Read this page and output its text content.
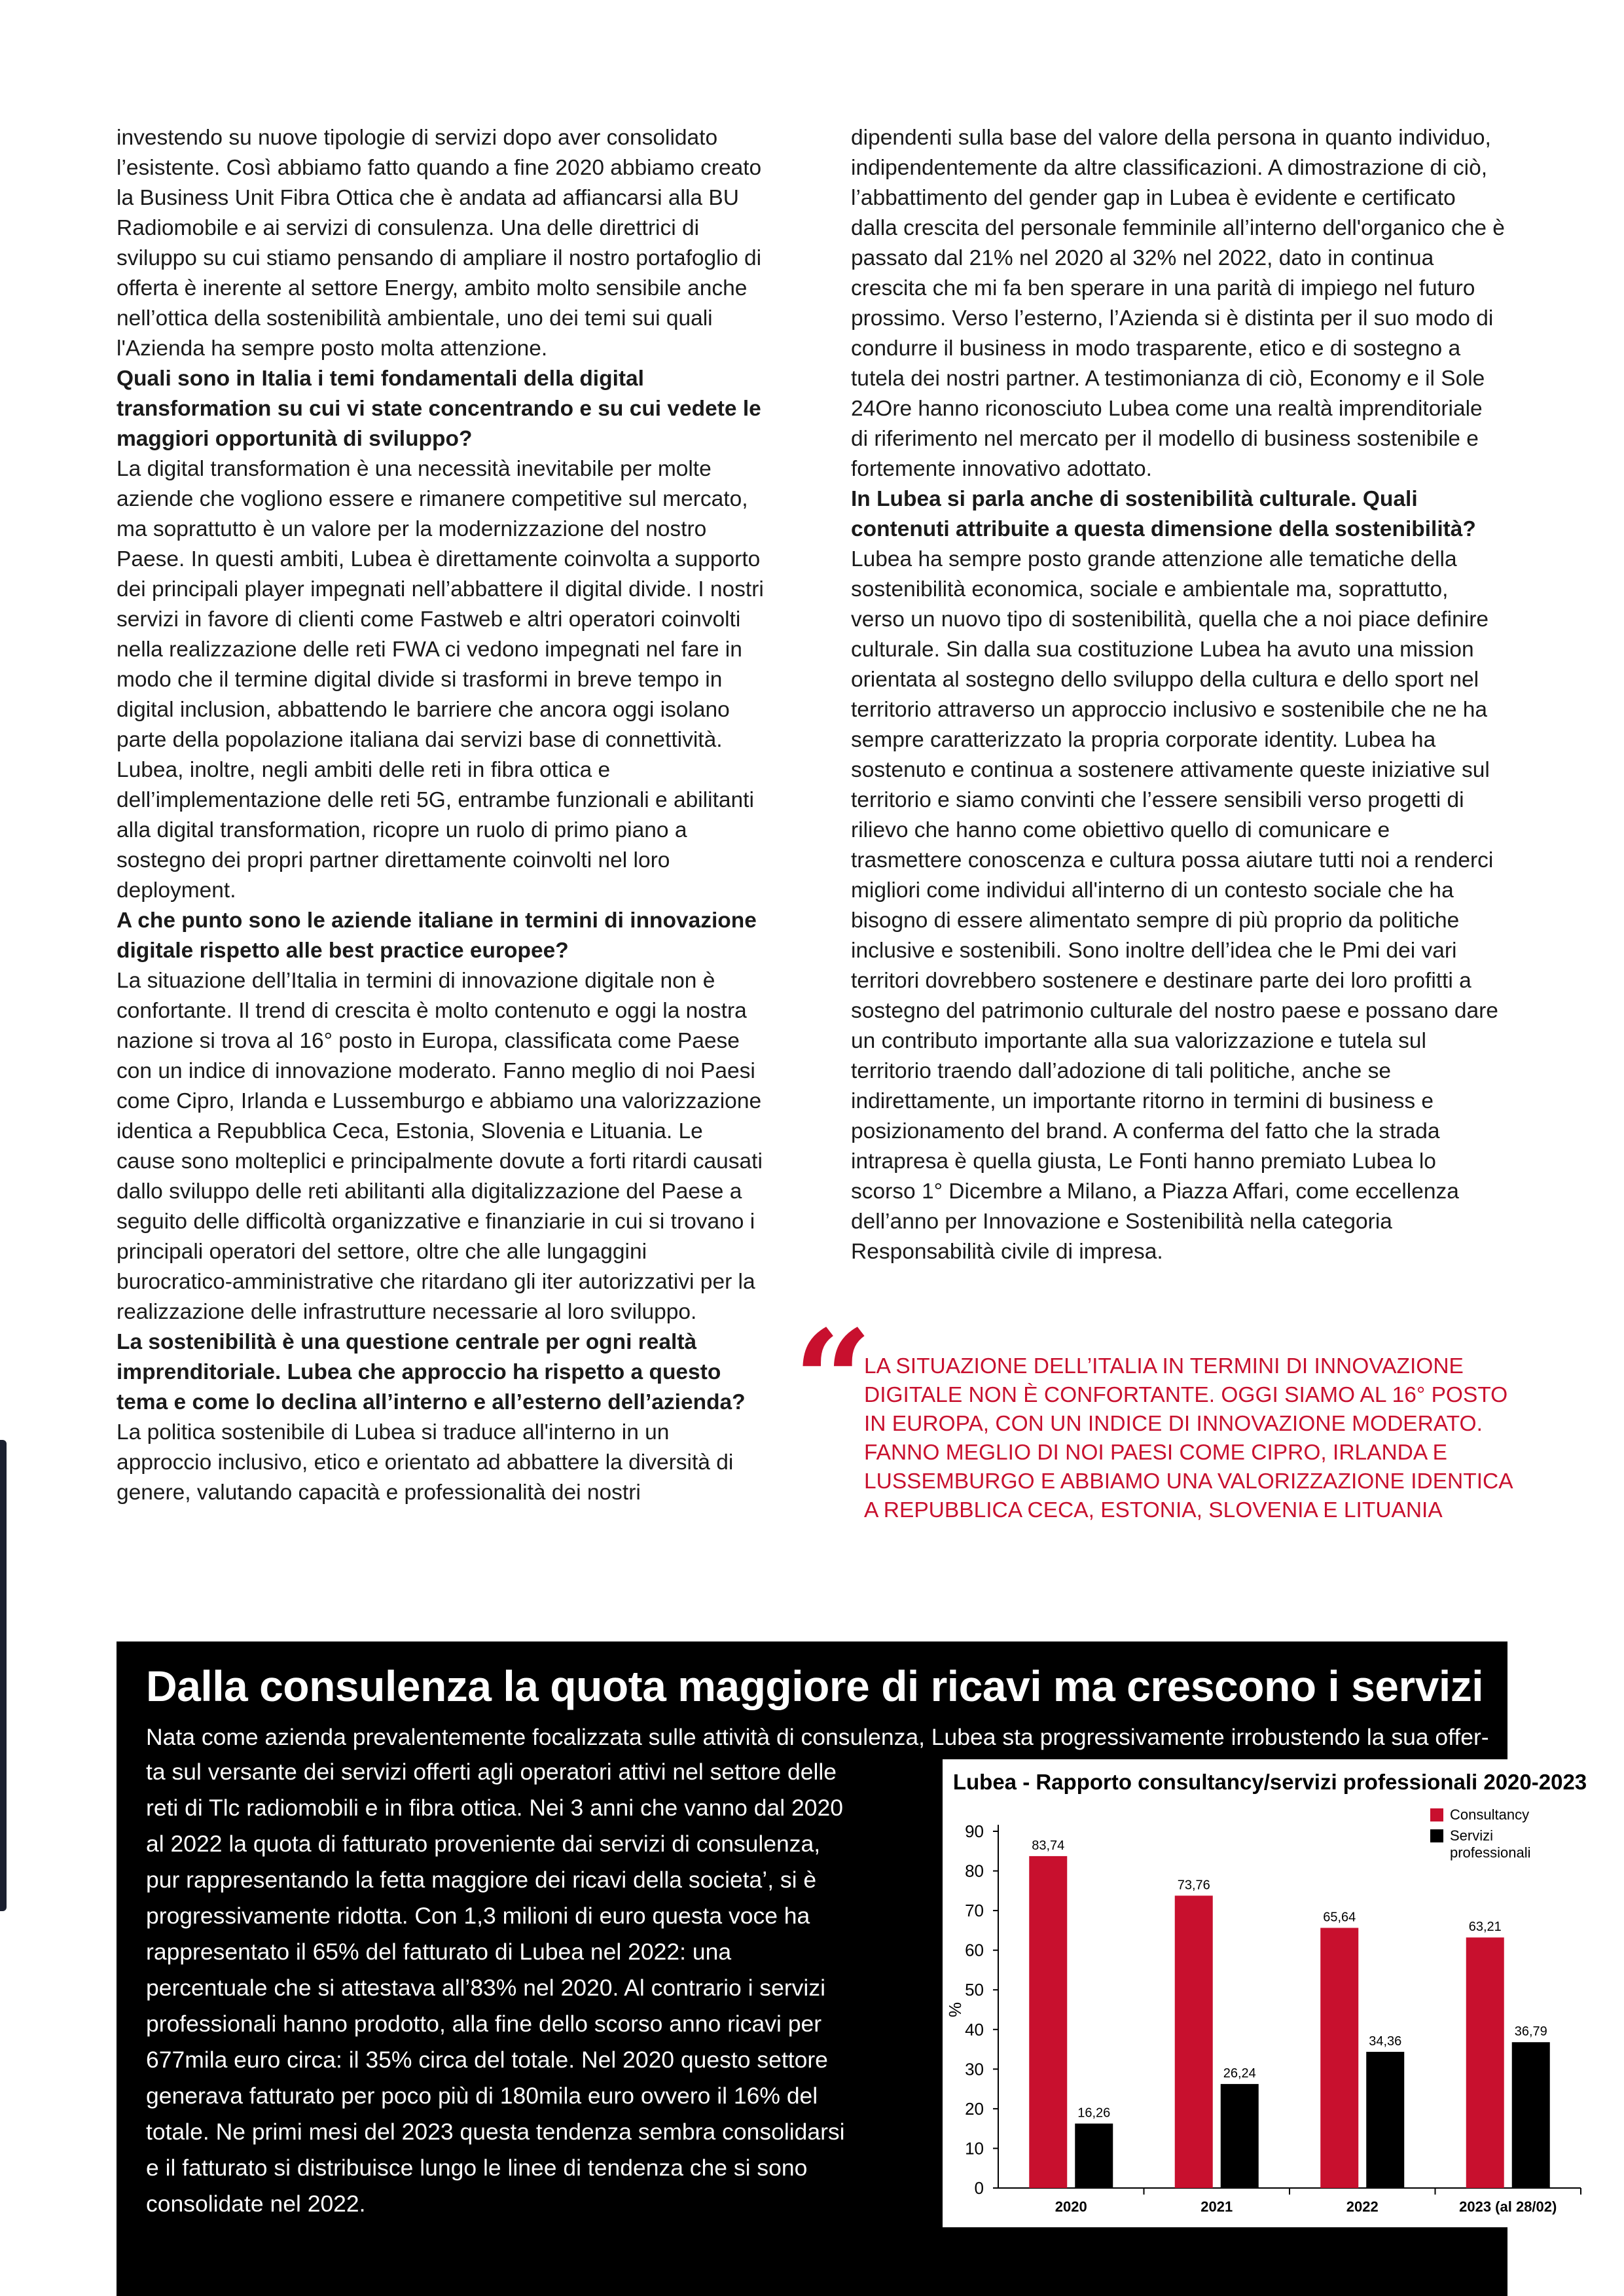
investendo su nuove tipologie di servizi dopo aver consolidato l’esistente. Così abbiamo fatto quando a fine 2020 abbiamo creato la Business Unit Fibra Ottica che è andata ad affiancarsi alla BU Radiomobile e ai servizi di consulenza. Una delle direttrici di sviluppo su cui stiamo pensando di ampliare il nostro portafoglio di offerta è inerente al settore Energy, ambito molto sensibile anche nell’ottica della sostenibilità ambientale, uno dei temi sui quali l'Azienda ha sempre posto molta attenzione.

Quali sono in Italia i temi fondamentali della digital transformation su cui vi state concentrando e su cui vedete le maggiori opportunità di sviluppo?

La digital transformation è una necessità inevitabile per molte aziende che vogliono essere e rimanere competitive sul mercato, ma soprattutto è un valore per la modernizzazione del nostro Paese. In questi ambiti, Lubea è direttamente coinvolta a supporto dei principali player impegnati nell’abbattere il digital divide. I nostri servizi in favore di clienti come Fastweb e altri operatori coinvolti nella realizzazione delle reti FWA ci vedono impegnati nel fare in modo che il termine digital divide si trasformi in breve tempo in digital inclusion, abbattendo le barriere che ancora oggi isolano parte della popolazione italiana dai servizi base di connettività. Lubea, inoltre, negli ambiti delle reti in fibra ottica e dell’implementazione delle reti 5G, entrambe funzionali e abilitanti alla digital transformation, ricopre un ruolo di primo piano a sostegno dei propri partner direttamente coinvolti nel loro deployment.

A che punto sono le aziende italiane in termini di innovazione digitale rispetto alle best practice europee?

La situazione dell’Italia in termini di innovazione digitale non è confortante. Il trend di crescita è molto contenuto e oggi la nostra nazione si trova al 16° posto in Europa, classificata come Paese con un indice di innovazione moderato. Fanno meglio di noi Paesi come Cipro, Irlanda e Lussemburgo e abbiamo una valorizzazione identica a Repubblica Ceca, Estonia, Slovenia e Lituania. Le cause sono molteplici e principalmente dovute a forti ritardi causati dallo sviluppo delle reti abilitanti alla digitalizzazione del Paese a seguito delle difficoltà organizzative e finanziarie in cui si trovano i principali operatori del settore, oltre che alle lungaggini burocratico-amministrative che ritardano gli iter autorizzativi per la realizzazione delle infrastrutture necessarie al loro sviluppo.

La sostenibilità è una questione centrale per ogni realtà imprenditoriale. Lubea che approccio ha rispetto a questo tema e come lo declina all’interno e all’esterno dell’azienda?

La politica sostenibile di Lubea si traduce all'interno in un approccio inclusivo, etico e orientato ad abbattere la diversità di genere, valutando capacità e professionalità dei nostri

dipendenti sulla base del valore della persona in quanto individuo, indipendentemente da altre classificazioni. A dimostrazione di ciò, l’abbattimento del gender gap in Lubea è evidente e certificato dalla crescita del personale femminile all’interno dell'organico che è passato dal 21% nel 2020 al 32% nel 2022, dato in continua crescita che mi fa ben sperare in una parità di impiego nel futuro prossimo. Verso l’esterno, l’Azienda si è distinta per il suo modo di condurre il business in modo trasparente, etico e di sostegno a tutela dei nostri partner. A testimonianza di ciò, Economy e il Sole 24Ore hanno riconosciuto Lubea come una realtà imprenditoriale di riferimento nel mercato per il modello di business sostenibile e fortemente innovativo adottato.

In Lubea si parla anche di sostenibilità culturale. Quali contenuti attribuite a questa dimensione della sostenibilità?

Lubea ha sempre posto grande attenzione alle tematiche della sostenibilità economica, sociale e ambientale ma, soprattutto, verso un nuovo tipo di sostenibilità, quella che a noi piace definire culturale. Sin dalla sua costituzione Lubea ha avuto una mission orientata al sostegno dello sviluppo della cultura e dello sport nel territorio attraverso un approccio inclusivo e sostenibile che ne ha sempre caratterizzato la propria corporate identity. Lubea ha sostenuto e continua a sostenere attivamente queste iniziative sul territorio e siamo convinti che l’essere sensibili verso progetti di rilievo che hanno come obiettivo quello di comunicare e trasmettere conoscenza e cultura possa aiutare tutti noi a renderci migliori come individui all'interno di un contesto sociale che ha bisogno di essere alimentato sempre di più proprio da politiche inclusive e sostenibili. Sono inoltre dell’idea che le Pmi dei vari territori dovrebbero sostenere e destinare parte dei loro profitti a sostegno del patrimonio culturale del nostro paese e possano dare un contributo importante alla sua valorizzazione e tutela sul territorio traendo dall’adozione di tali politiche, anche se indirettamente, un importante ritorno in termini di business e posizionamento del brand. A conferma del fatto che la strada intrapresa è quella giusta, Le Fonti hanno premiato Lubea lo scorso 1° Dicembre a Milano, a Piazza Affari, come eccellenza dell’anno per Innovazione e Sostenibilità nella categoria Responsabilità civile di impresa.

“

LA SITUAZIONE DELL’ITALIA IN TERMINI DI INNOVAZIONE DIGITALE NON È CONFORTANTE. OGGI SIAMO AL 16° POSTO IN EUROPA, CON UN INDICE DI INNOVAZIONE MODERATO. FANNO MEGLIO DI NOI PAESI COME CIPRO, IRLANDA E LUSSEMBURGO E ABBIAMO UNA VALORIZZAZIONE IDENTICA A REPUBBLICA CECA, ESTONIA, SLOVENIA E LITUANIA

Dalla consulenza la quota maggiore di ricavi ma crescono i servizi

Nata come azienda prevalentemente focalizzata sulle attività di consulenza, Lubea sta progressivamente irrobustendo la sua offer-

ta sul versante dei servizi offerti agli operatori attivi nel settore delle reti di Tlc radiomobili e in fibra ottica. Nei 3 anni che vanno dal 2020 al 2022 la quota di fatturato proveniente dai servizi di consulenza, pur rappresentando la fetta maggiore dei ricavi della societa’, si è progressivamente ridotta. Con 1,3 milioni di euro questa voce ha rappresentato il 65% del fatturato di Lubea nel 2022: una percentuale che si attestava all’83% nel 2020. Al contrario i servizi professionali hanno prodotto, alla fine dello scorso anno ricavi per 677mila euro circa: il 35% circa del totale. Nel 2020 questo settore generava fatturato per poco più di 180mila euro ovvero il 16% del totale. Ne primi mesi del 2023 questa tendenza sembra consolidarsi e il fatturato si distribuisce lungo le linee di tendenza che si sono consolidate nel 2022.

Lubea - Rapporto consultancy/servizi professionali 2020-2023
0
10
20
30
40
50
60
70
80
90
%
2020
83,74
16,26
2021
73,76
26,24
2022
65,64
34,36
2023 (al 28/02)
63,21
36,79
Consultancy
Servizi professionali
